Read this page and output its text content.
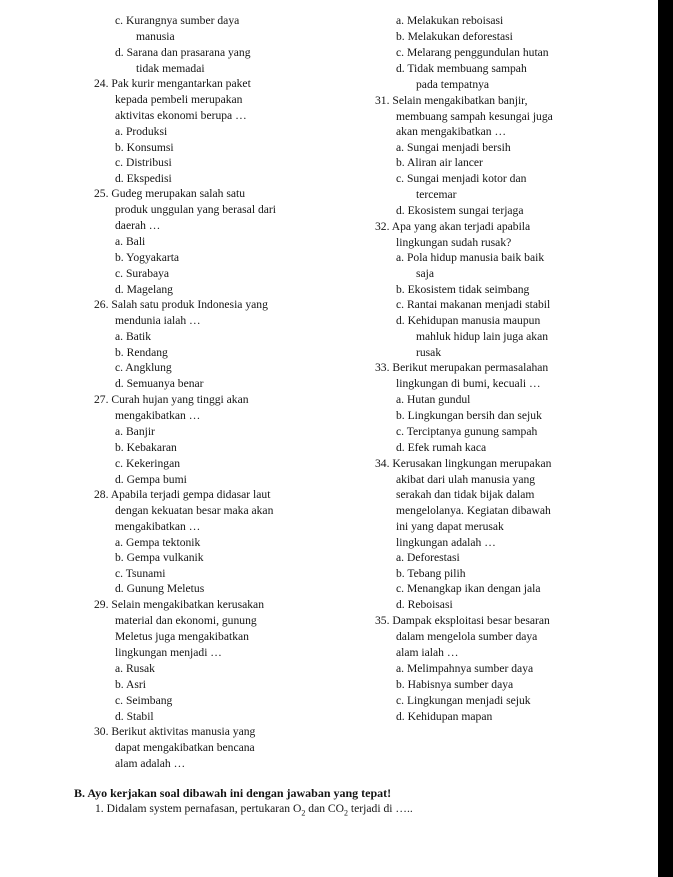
c. Kurangnya sumber daya
manusia
d. Sarana dan prasarana yang
tidak memadai
24. Pak kurir mengantarkan paket
kepada pembeli merupakan
aktivitas ekonomi berupa …
a. Produksi
b. Konsumsi
c. Distribusi
d. Ekspedisi
25. Gudeg merupakan salah satu
produk unggulan yang berasal dari
daerah …
a. Bali
b. Yogyakarta
c. Surabaya
d. Magelang
26. Salah satu produk Indonesia yang
mendunia ialah …
a. Batik
b. Rendang
c. Angklung
d. Semuanya benar
27. Curah hujan yang tinggi akan
mengakibatkan …
a. Banjir
b. Kebakaran
c. Kekeringan
d. Gempa bumi
28. Apabila terjadi gempa didasar laut
dengan kekuatan besar maka akan
mengakibatkan …
a. Gempa tektonik
b. Gempa vulkanik
c. Tsunami
d. Gunung Meletus
29. Selain mengakibatkan kerusakan
material dan ekonomi, gunung
Meletus juga mengakibatkan
lingkungan menjadi …
a. Rusak
b. Asri
c. Seimbang
d. Stabil
30. Berikut aktivitas manusia yang
dapat mengakibatkan bencana
alam adalah …
a. Melakukan reboisasi
b. Melakukan deforestasi
c. Melarang penggundulan hutan
d. Tidak membuang sampah
pada tempatnya
31. Selain mengakibatkan banjir,
membuang sampah kesungai juga
akan mengakibatkan …
a. Sungai menjadi bersih
b. Aliran air lancer
c. Sungai menjadi kotor dan
tercemar
d. Ekosistem sungai terjaga
32. Apa yang akan terjadi apabila
lingkungan sudah rusak?
a. Pola hidup manusia baik baik
saja
b. Ekosistem tidak seimbang
c. Rantai makanan menjadi stabil
d. Kehidupan manusia maupun
mahluk hidup lain juga akan
rusak
33. Berikut merupakan permasalahan
lingkungan di bumi, kecuali …
a. Hutan gundul
b. Lingkungan bersih dan sejuk
c. Terciptanya gunung sampah
d. Efek rumah kaca
34. Kerusakan lingkungan merupakan
akibat dari ulah manusia yang
serakah dan tidak bijak dalam
mengelolanya. Kegiatan dibawah
ini yang dapat merusak
lingkungan adalah …
a. Deforestasi
b. Tebang pilih
c. Menangkap ikan dengan jala
d. Reboisasi
35. Dampak eksploitasi besar besaran
dalam mengelola sumber daya
alam ialah …
a. Melimpahnya sumber daya
b. Habisnya sumber daya
c. Lingkungan menjadi sejuk
d. Kehidupan mapan
B. Ayo kerjakan soal dibawah ini dengan jawaban yang tepat!
1. Didalam system pernafasan, pertukaran $O_2$ dan $CO_2$ terjadi di …..
